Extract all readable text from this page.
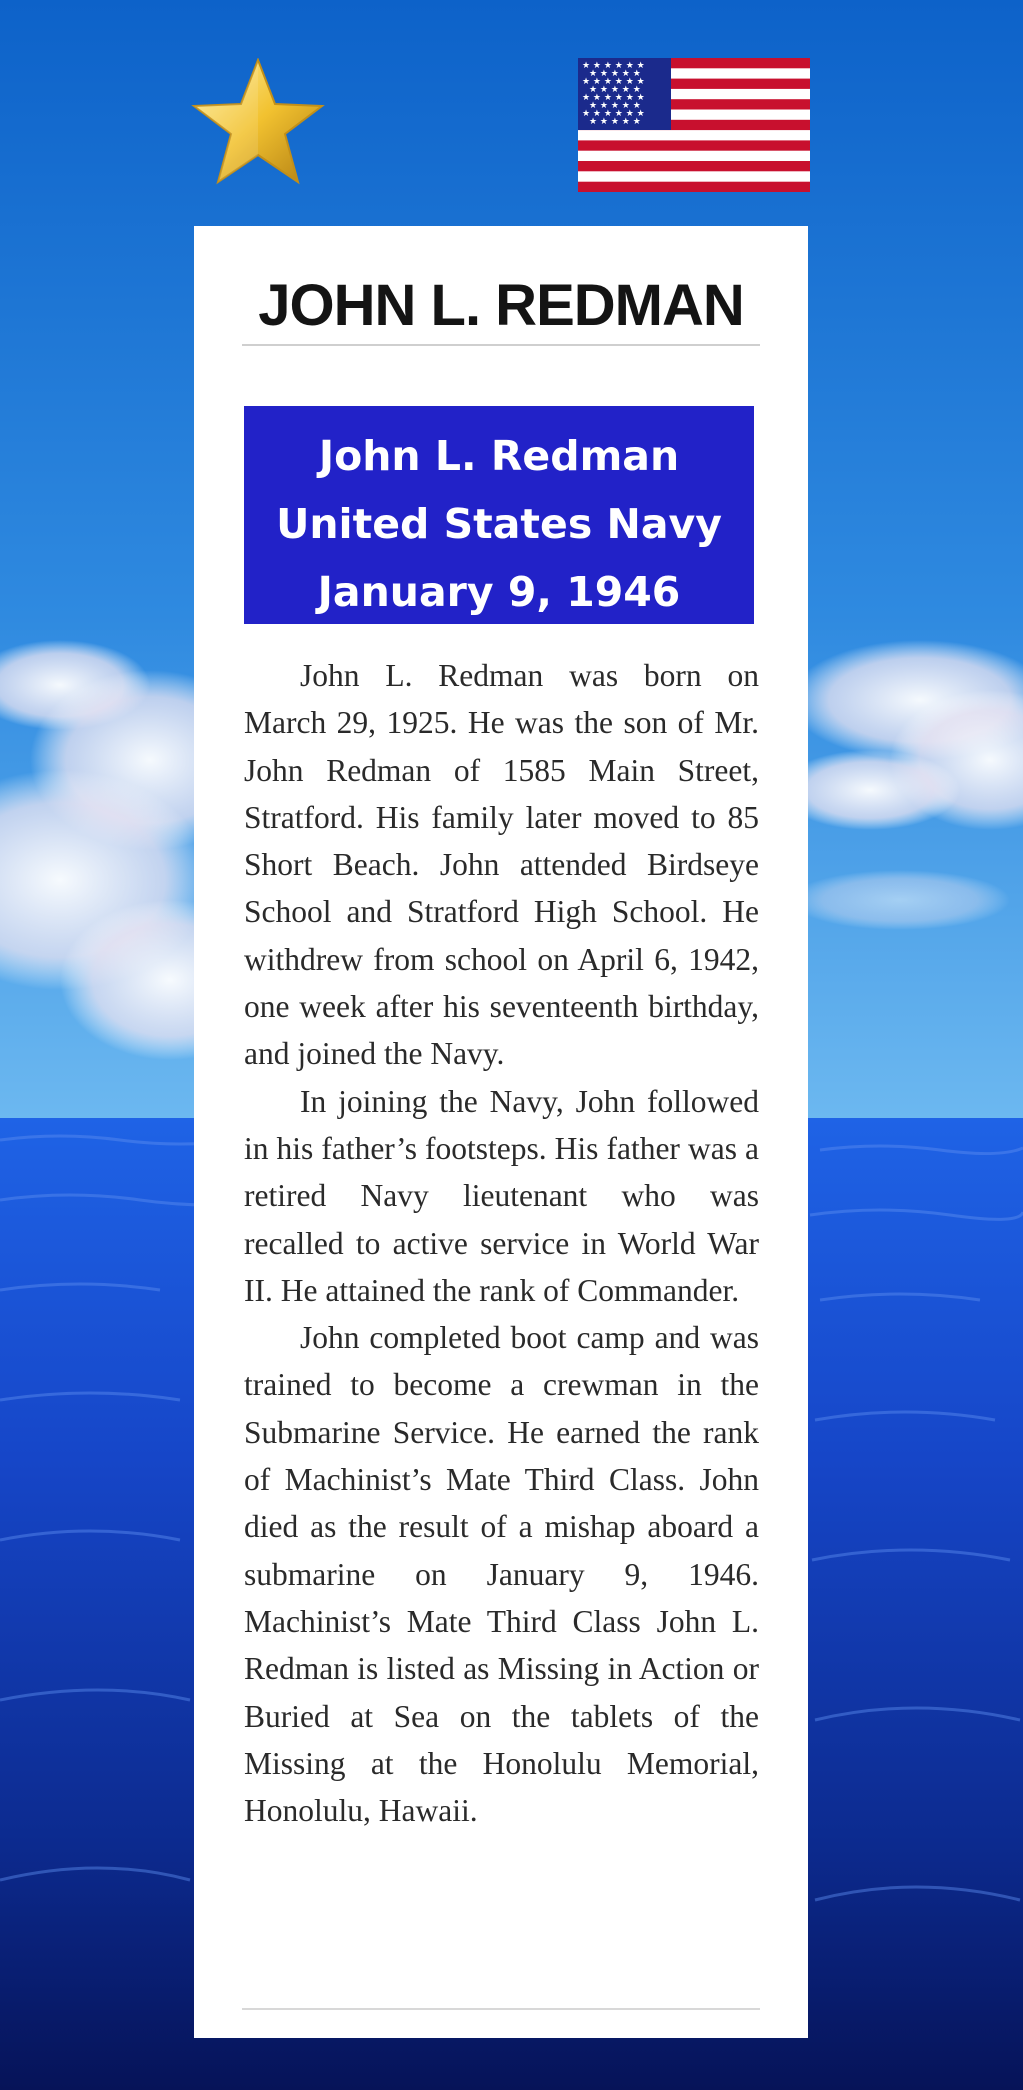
★ ★ ★ ★ ★ ★
★ ★ ★ ★ ★
★ ★ ★ ★ ★ ★
★ ★ ★ ★ ★
★ ★ ★ ★ ★ ★
★ ★ ★ ★ ★
★ ★ ★ ★ ★ ★
★ ★ ★ ★ ★
JOHN L. REDMAN
John L. Redman
United States Navy
January 9, 1946

John L. Redman was born on March 29, 1925. He was the son of Mr. John Redman of 1585 Main Street, Stratford. His family later moved to 85 Short Beach. John attended Birdseye School and Stratford High School. He withdrew from school on April 6, 1942, one week after his seventeenth birthday, and joined the Navy.

In joining the Navy, John followed in his father’s footsteps. His father was a retired Navy lieutenant who was recalled to active service in World War II. He attained the rank of Commander.

John completed boot camp and was trained to become a crewman in the Submarine Service. He earned the rank of Machinist’s Mate Third Class. John died as the result of a mishap aboard a submarine on January 9, 1946. Machinist’s Mate Third Class John L. Redman is listed as Missing in Action or Buried at Sea on the tablets of the Missing at the Honolulu Memorial, Honolulu, Hawaii.
